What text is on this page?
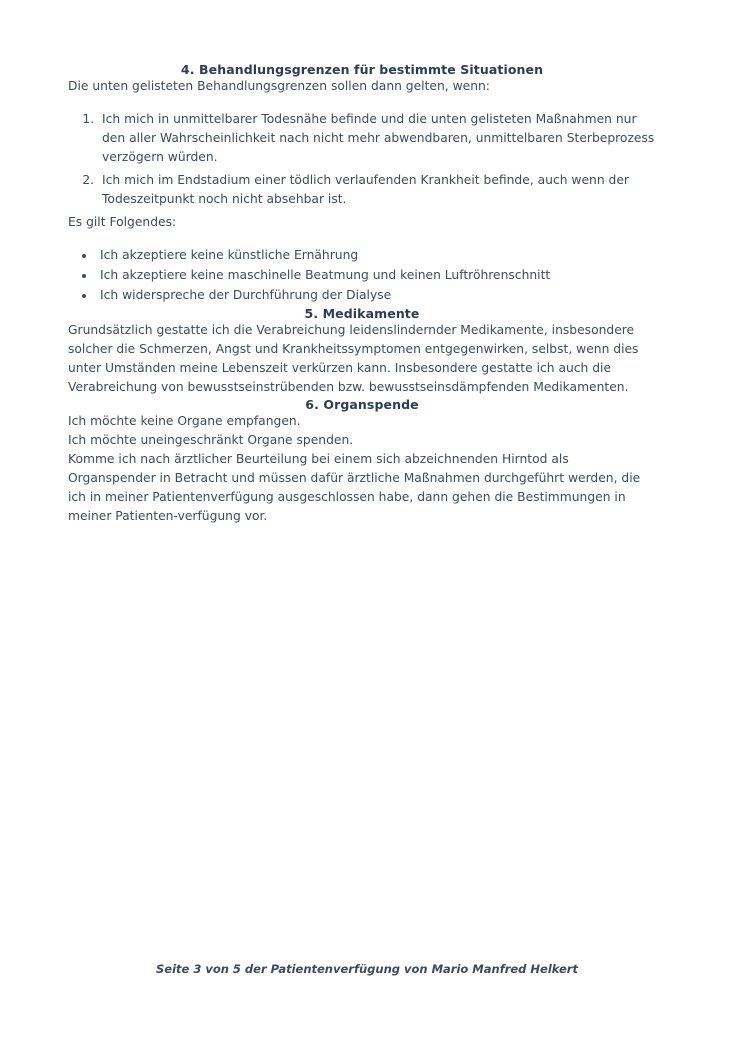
4. Behandlungsgrenzen für bestimmte Situationen

Die unten gelisteten Behandlungsgrenzen sollen dann gelten, wenn:

1. Ich mich in unmittelbarer Todesnähe befinde und die unten gelisteten Maßnahmen nur den aller Wahrscheinlichkeit nach nicht mehr abwendbaren, unmittelbaren Sterbeprozess verzögern würden.
2. Ich mich im Endstadium einer tödlich verlaufenden Krankheit befinde, auch wenn der Todeszeitpunkt noch nicht absehbar ist.

Es gilt Folgendes:

• Ich akzeptiere keine künstliche Ernährung
• Ich akzeptiere keine maschinelle Beatmung und keinen Luftröhrenschnitt
• Ich widerspreche der Durchführung der Dialyse
5. Medikamente

Grundsätzlich gestatte ich die Verabreichung leidenslindernder Medikamente, insbesondere solcher die Schmerzen, Angst und Krankheitssymptomen entgegenwirken, selbst, wenn dies unter Umständen meine Lebenszeit verkürzen kann. Insbesondere gestatte ich auch die Verabreichung von bewusstseinstrübenden bzw. bewusstseinsdämpfenden Medikamenten.

6. Organspende

Ich möchte keine Organe empfangen.

Ich möchte uneingeschränkt Organe spenden.

Komme ich nach ärztlicher Beurteilung bei einem sich abzeichnenden Hirntod als Organspender in Betracht und müssen dafür ärztliche Maßnahmen durchgeführt werden, die ich in meiner Patientenverfügung ausgeschlossen habe, dann gehen die Bestimmungen in meiner Patienten-verfügung vor.

Seite 3 von 5 der Patientenverfügung von Mario Manfred Helkert
